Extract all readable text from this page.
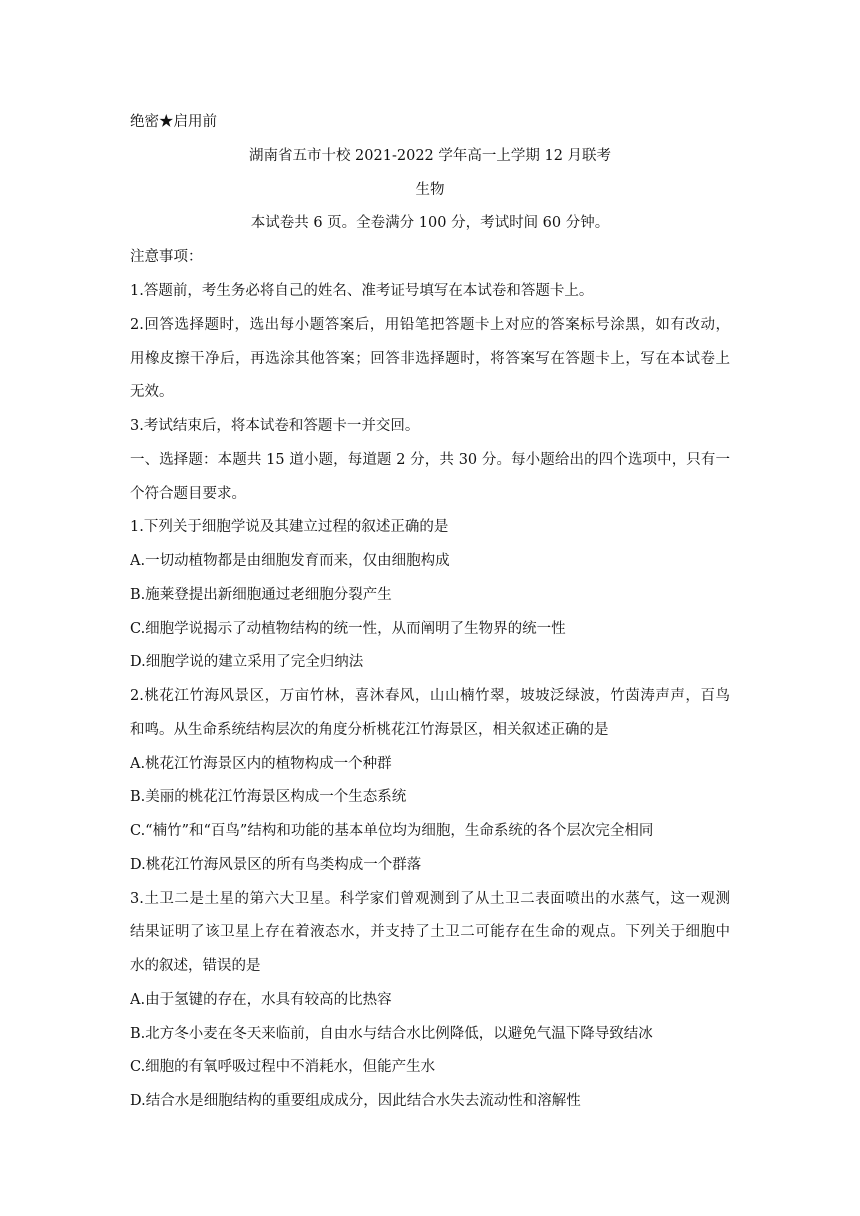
绝密★启用前
湖南省五市十校 2021-2022 学年高一上学期 12 月联考
生物
本试卷共 6 页。全卷满分 100 分，考试时间 60 分钟。
注意事项：
1.答题前，考生务必将自己的姓名、准考证号填写在本试卷和答题卡上。
2.回答选择题时，选出每小题答案后，用铅笔把答题卡上对应的答案标号涂黑，如有改动，
用橡皮擦干净后，再选涂其他答案；回答非选择题时，将答案写在答题卡上，写在本试卷上
无效。
3.考试结束后，将本试卷和答题卡一并交回。
一、选择题：本题共 15 道小题，每道题 2 分，共 30 分。每小题给出的四个选项中，只有一
个符合题目要求。
1.下列关于细胞学说及其建立过程的叙述正确的是
A.一切动植物都是由细胞发育而来，仅由细胞构成
B.施莱登提出新细胞通过老细胞分裂产生
C.细胞学说揭示了动植物结构的统一性，从而阐明了生物界的统一性
D.细胞学说的建立采用了完全归纳法
2.桃花江竹海风景区，万亩竹林，喜沐春风，山山楠竹翠，坡坡泛绿波，竹茵涛声声，百鸟
和鸣。从生命系统结构层次的角度分析桃花江竹海景区，相关叙述正确的是
A.桃花江竹海景区内的植物构成一个种群
B.美丽的桃花江竹海景区构成一个生态系统
C.“楠竹”和“百鸟”结构和功能的基本单位均为细胞，生命系统的各个层次完全相同
D.桃花江竹海风景区的所有鸟类构成一个群落
3.土卫二是土星的第六大卫星。科学家们曾观测到了从土卫二表面喷出的水蒸气，这一观测
结果证明了该卫星上存在着液态水，并支持了土卫二可能存在生命的观点。下列关于细胞中
水的叙述，错误的是
A.由于氢键的存在，水具有较高的比热容
B.北方冬小麦在冬天来临前，自由水与结合水比例降低，以避免气温下降导致结冰
C.细胞的有氧呼吸过程中不消耗水，但能产生水
D.结合水是细胞结构的重要组成成分，因此结合水失去流动性和溶解性
